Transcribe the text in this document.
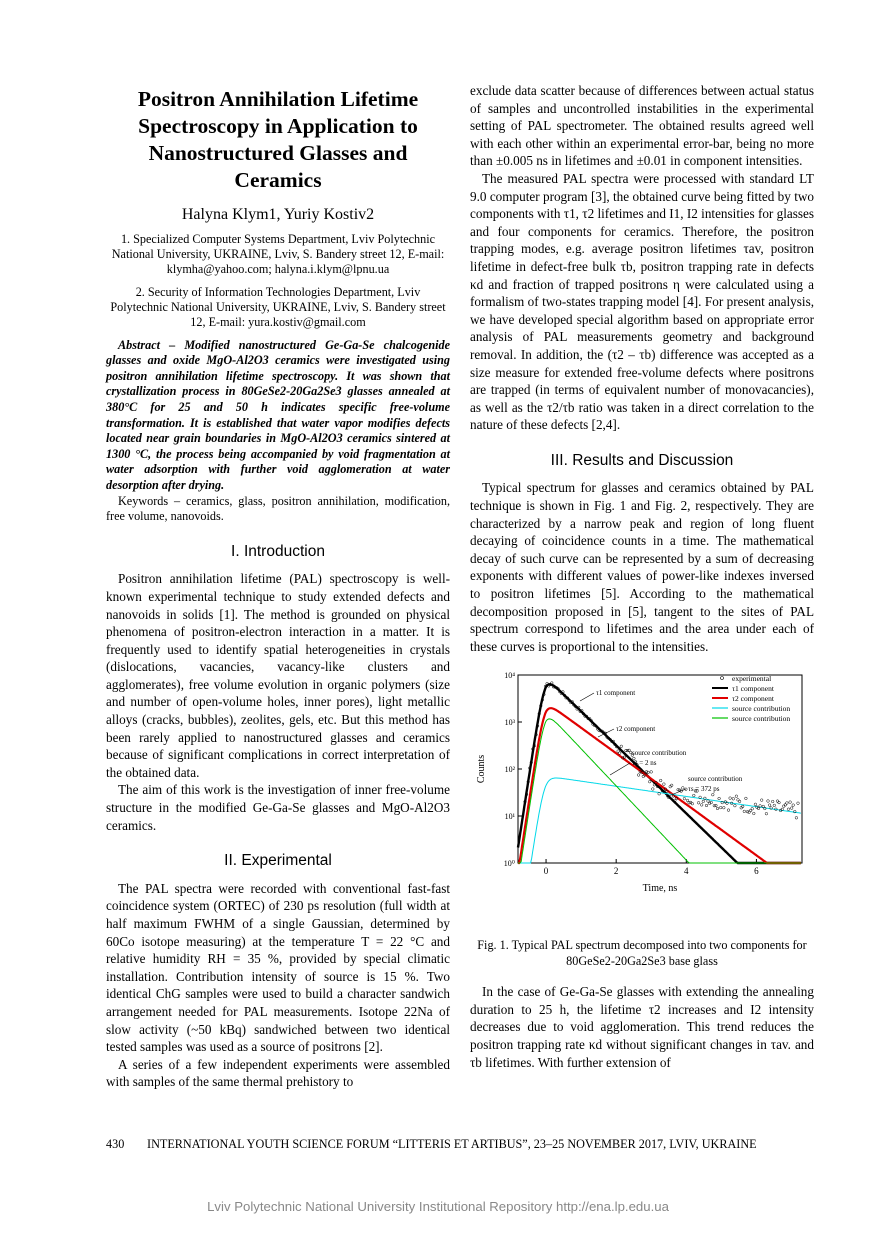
Positron Annihilation Lifetime Spectroscopy in Application to Nanostructured Glasses and Ceramics
Halyna Klym1, Yuriy Kostiv2
1. Specialized Computer Systems Department, Lviv Polytechnic National University, UKRAINE, Lviv, S. Bandery street 12, E-mail: klymha@yahoo.com; halyna.i.klym@lpnu.ua
2. Security of Information Technologies Department, Lviv Polytechnic National University, UKRAINE, Lviv, S. Bandery street 12, E-mail: yura.kostiv@gmail.com

Abstract – Modified nanostructured Ge-Ga-Se chalcogenide glasses and oxide MgO-Al2O3 ceramics were investigated using positron annihilation lifetime spectroscopy. It was shown that crystallization process in 80GeSe2-20Ga2Se3 glasses annealed at 380°C for 25 and 50 h indicates specific free-volume transformation. It is established that water vapor modifies defects located near grain boundaries in MgO-Al2O3 ceramics sintered at 1300 °C, the process being accompanied by void fragmentation at water adsorption with further void agglomeration at water desorption after drying.

Keywords – ceramics, glass, positron annihilation, modification, free volume, nanovoids.

I. Introduction

Positron annihilation lifetime (PAL) spectroscopy is well-known experimental technique to study extended defects and nanovoids in solids [1]. The method is grounded on physical phenomena of positron-electron interaction in a matter. It is frequently used to identify spatial heterogeneities in crystals (dislocations, vacancies, vacancy-like clusters and agglomerates), free volume evolution in organic polymers (size and number of open-volume holes, inner pores), light metallic alloys (cracks, bubbles), zeolites, gels, etc. But this method has been rarely applied to nanostructured glasses and ceramics because of significant complications in correct interpretation of the obtained data.

The aim of this work is the investigation of inner free-volume structure in the modified Ge-Ga-Se glasses and MgO-Al2O3 ceramics.

II. Experimental

The PAL spectra were recorded with conventional fast-fast coincidence system (ORTEC) of 230 ps resolution (full width at half maximum FWHM of a single Gaussian, determined by 60Co isotope measuring) at the temperature T = 22 °C and relative humidity RH = 35 %, provided by special climatic installation. Contribution intensity of source is 15 %. Two identical ChG samples were used to build a character sandwich arrangement needed for PAL measurements. Isotope 22Na of slow activity (~50 kBq) sandwiched between two identical tested samples was used as a source of positrons [2].

A series of a few independent experiments were assembled with samples of the same thermal prehistory to

exclude data scatter because of differences between actual status of samples and uncontrolled instabilities in the experimental setting of PAL spectrometer. The obtained results agreed well with each other within an experimental error-bar, being no more than ±0.005 ns in lifetimes and ±0.01 in component intensities.

The measured PAL spectra were processed with standard LT 9.0 computer program [3], the obtained curve being fitted by two components with τ1, τ2 lifetimes and I1, I2 intensities for glasses and four components for ceramics. Therefore, the positron trapping modes, e.g. average positron lifetimes τav, positron lifetime in defect-free bulk τb, positron trapping rate in defects κd and fraction of trapped positrons η were calculated using a formalism of two-states trapping model [4]. For present analysis, we have developed special algorithm based on appropriate error analysis of PAL measurements geometry and background removal. In addition, the (τ2 – τb) difference was accepted as a size measure for extended free-volume defects where positrons are trapped (in terms of equivalent number of monovacancies), as well as the τ2/τb ratio was taken in a direct correlation to the nature of these defects [2,4].

III. Results and Discussion

Typical spectrum for glasses and ceramics obtained by PAL technique is shown in Fig. 1 and Fig. 2, respectively. They are characterized by a narrow peak and region of long fluent decaying of coincidence counts in a time. The mathematical decay of such curve can be represented by a sum of decreasing exponents with different values of power-like indexes inversed to positron lifetimes [5]. According to the mathematical decomposition proposed in [5], tangent to the sites of PAL spectrum correspond to lifetimes and the area under each of these curves is proportional to the intensities.

0	2	4	6
10⁰
10¹
10²
10³
10⁴
Time, ns
Counts
experimental
τ1 component
τ2 component
source contribution
source contribution
τ1 component
τ2 component
source contribution
τs = 2 ns
source contribution
τs = 372 ps
Fig. 1. Typical PAL spectrum decomposed into two components for 80GeSe2-20Ga2Se3 base glass

In the case of Ge-Ga-Se glasses with extending the annealing duration to 25 h, the lifetime τ2 increases and I2 intensity decreases due to void agglomeration. This trend reduces the positron trapping rate κd without significant changes in τav. and τb lifetimes. With further extension of

430 INTERNATIONAL YOUTH SCIENCE FORUM “LITTERIS ET ARTIBUS”, 23–25 NOVEMBER 2017, LVIV, UKRAINE
Lviv Polytechnic National University Institutional Repository http://ena.lp.edu.ua
